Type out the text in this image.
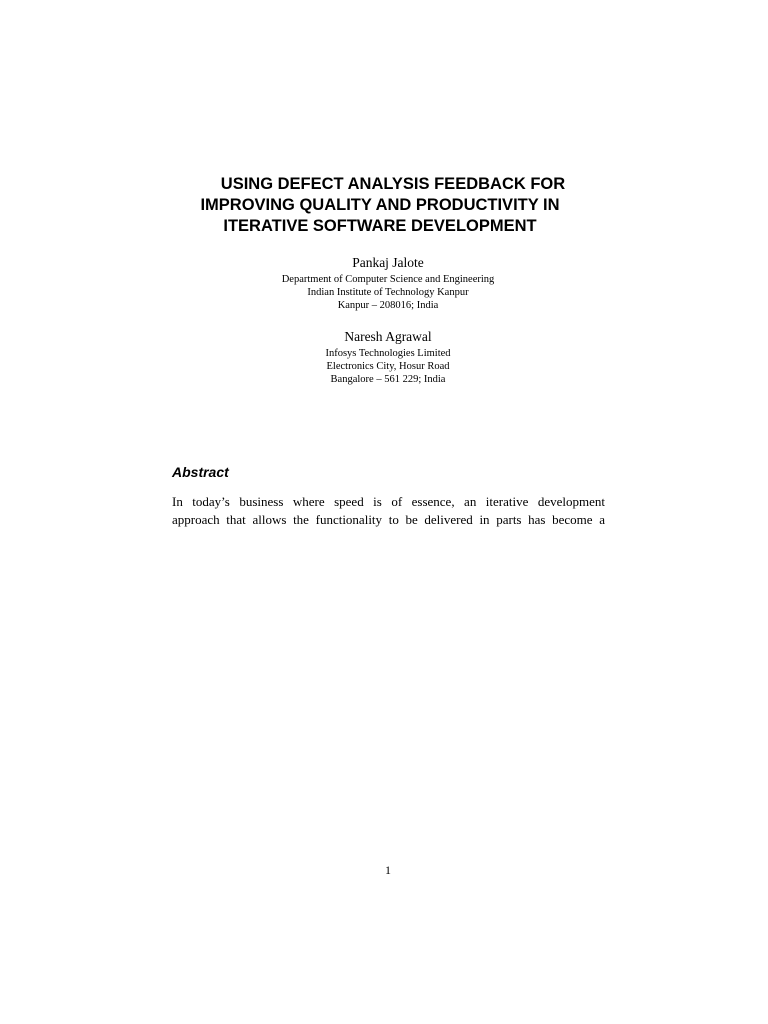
USING DEFECT ANALYSIS FEEDBACK FOR
IMPROVING QUALITY AND PRODUCTIVITY IN
ITERATIVE SOFTWARE DEVELOPMENT
Pankaj Jalote
Department of Computer Science and Engineering
Indian Institute of Technology Kanpur
Kanpur – 208016; India
Naresh Agrawal
Infosys Technologies Limited
Electronics City, Hosur Road
Bangalore – 561 229; India
Abstract
In today’s business where speed is of essence, an iterative development
approach that allows the functionality to be delivered in parts has become a
1
